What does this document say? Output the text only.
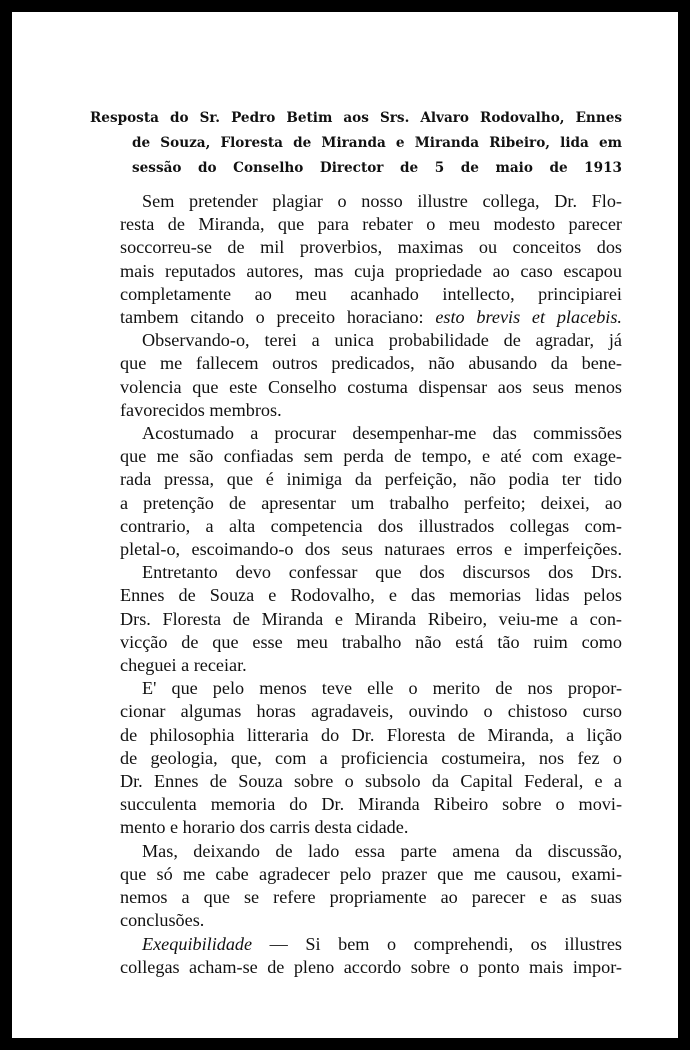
Resposta do Sr. Pedro Betim aos Srs. Alvaro Rodovalho, Ennes
de Souza, Floresta de Miranda e Miranda Ribeiro, lida em
sessão do Conselho Director de 5 de maio de 1913
Sem pretender plagiar o nosso illustre collega, Dr. Flo-
resta de Miranda, que para rebater o meu modesto parecer
soccorreu-se de mil proverbios, maximas ou conceitos dos
mais reputados autores, mas cuja propriedade ao caso escapou
completamente ao meu acanhado intellecto, principiarei
tambem citando o preceito horaciano: esto brevis et placebis.
Observando-o, terei a unica probabilidade de agradar, já
que me fallecem outros predicados, não abusando da bene-
volencia que este Conselho costuma dispensar aos seus menos
favorecidos membros.
Acostumado a procurar desempenhar-me das commissões
que me são confiadas sem perda de tempo, e até com exage-
rada pressa, que é inimiga da perfeição, não podia ter tido
a pretenção de apresentar um trabalho perfeito; deixei, ao
contrario, a alta competencia dos illustrados collegas com-
pletal-o, escoimando-o dos seus naturaes erros e imperfeições.
Entretanto devo confessar que dos discursos dos Drs.
Ennes de Souza e Rodovalho, e das memorias lidas pelos
Drs. Floresta de Miranda e Miranda Ribeiro, veiu-me a con-
vicção de que esse meu trabalho não está tão ruim como
cheguei a receiar.
E' que pelo menos teve elle o merito de nos propor-
cionar algumas horas agradaveis, ouvindo o chistoso curso
de philosophia litteraria do Dr. Floresta de Miranda, a lição
de geologia, que, com a proficiencia costumeira, nos fez o
Dr. Ennes de Souza sobre o subsolo da Capital Federal, e a
succulenta memoria do Dr. Miranda Ribeiro sobre o movi-
mento e horario dos carris desta cidade.
Mas, deixando de lado essa parte amena da discussão,
que só me cabe agradecer pelo prazer que me causou, exami-
nemos a que se refere propriamente ao parecer e as suas
conclusões.
Exequibilidade — Si bem o comprehendi, os illustres
collegas acham-se de pleno accordo sobre o ponto mais impor-
